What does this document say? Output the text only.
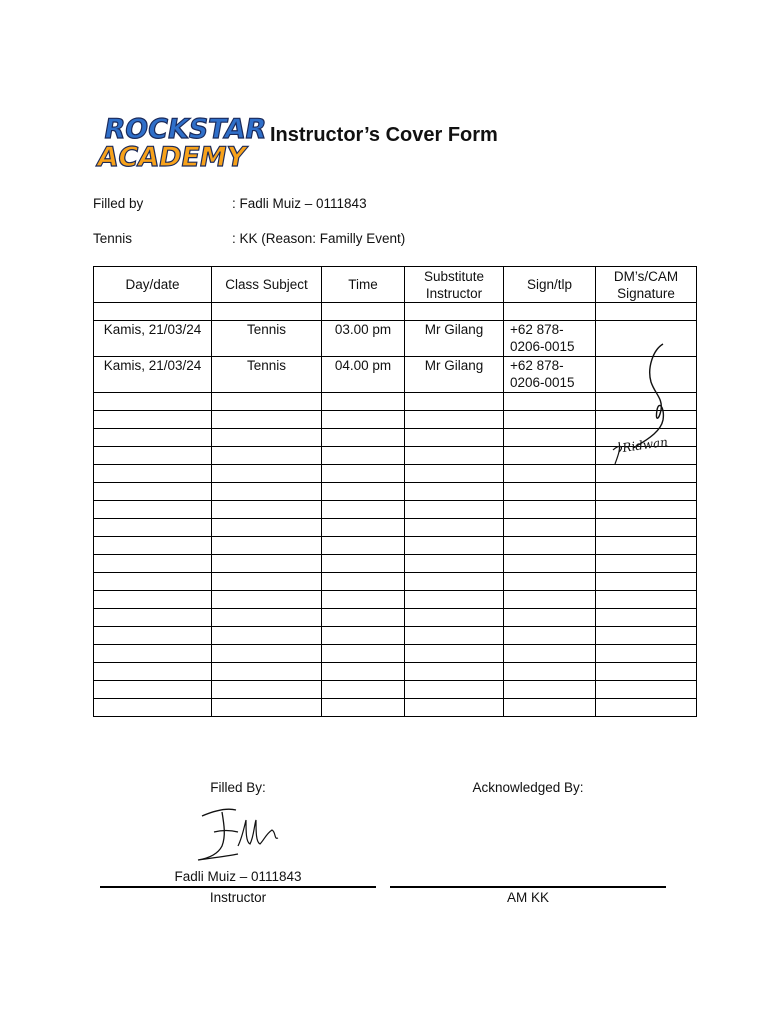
ROCKSTAR
ACADEMY
Instructor’s Cover Form
Filled by	: Fadli Muiz – 0111843
Tennis	: KK (Reason: Familly Event)
Day/date	Class Subject	Time	Substitute Instructor	Sign/tlp	DM’s/CAM Signature

Kamis, 21/03/24	Tennis	03.00 pm	Mr Gilang	+62 878-0206-0015	
Kamis, 21/03/24	Tennis	04.00 pm	Mr Gilang	+62 878-0206-0015	

Ridwan
Filled By:	Acknowledged By:
Fadli Muiz – 0111843
Instructor	AM KK
